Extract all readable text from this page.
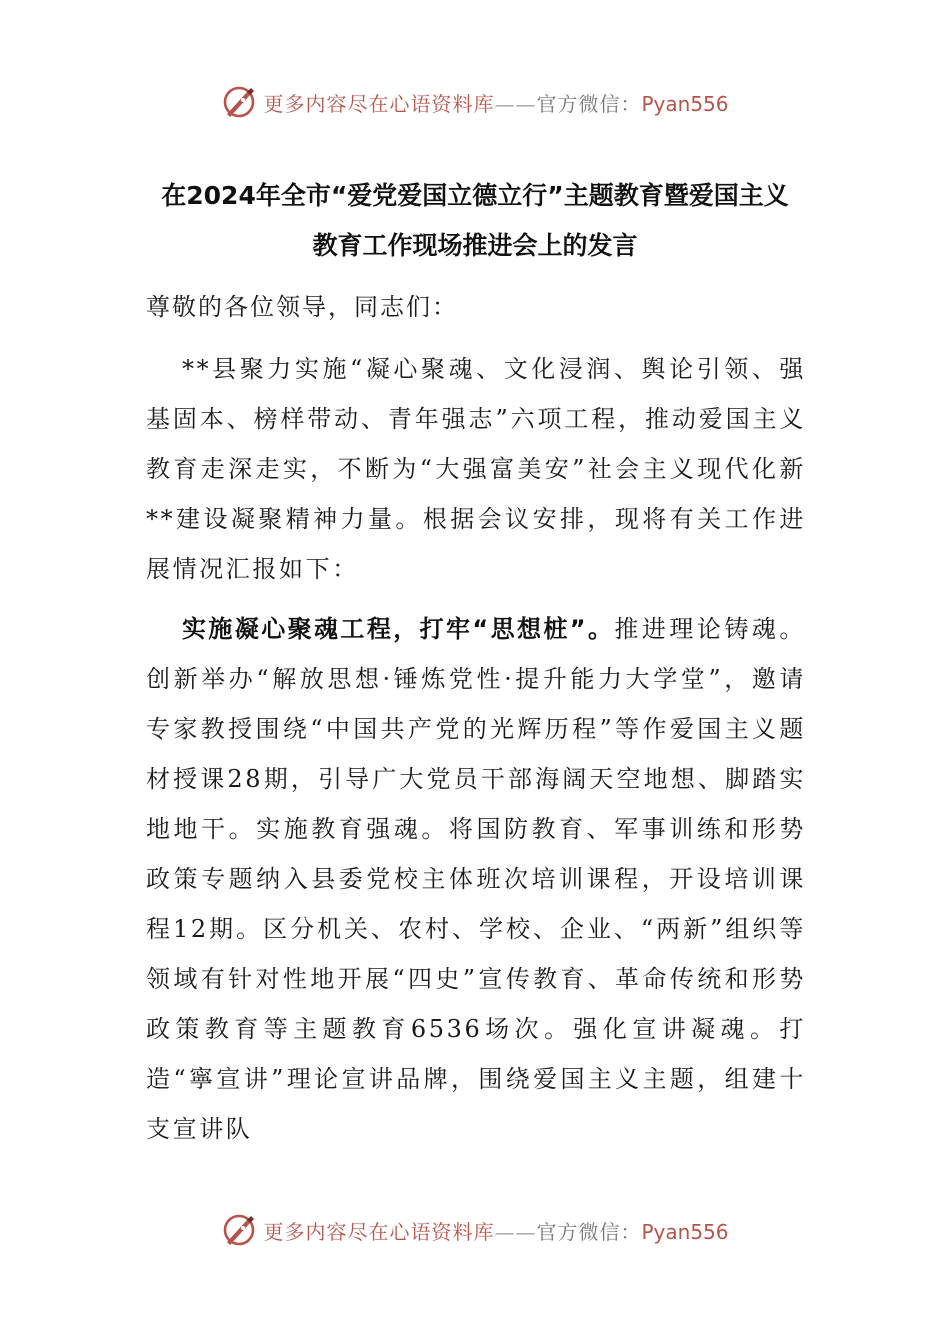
更多内容尽在心语资料库——官方微信：Pyan556
在2024年全市“爱党爱国立德立行”主题教育暨爱国主义
教育工作现场推进会上的发言
尊敬的各位领导，同志们：

**县聚力实施“凝心聚魂、文化浸润、舆论引领、强基固本、榜样带动、青年强志”六项工程，推动爱国主义教育走深走实，不断为“大强富美安”社会主义现代化新**建设凝聚精神力量。根据会议安排，现将有关工作进展情况汇报如下：

实施凝心聚魂工程，打牢“思想桩”。推进理论铸魂。创新举办“解放思想·锤炼党性·提升能力大学堂”，邀请专家教授围绕“中国共产党的光辉历程”等作爱国主义题材授课28期，引导广大党员干部海阔天空地想、脚踏实地地干。实施教育强魂。将国防教育、军事训练和形势政策专题纳入县委党校主体班次培训课程，开设培训课程12期。区分机关、农村、学校、企业、“两新”组织等领域有针对性地开展“四史”宣传教育、革命传统和形势政策教育等主题教育6536场次。强化宣讲凝魂。打造“寧宣讲”理论宣讲品牌，围绕爱国主义主题，组建十支宣讲队

更多内容尽在心语资料库——官方微信：Pyan556
